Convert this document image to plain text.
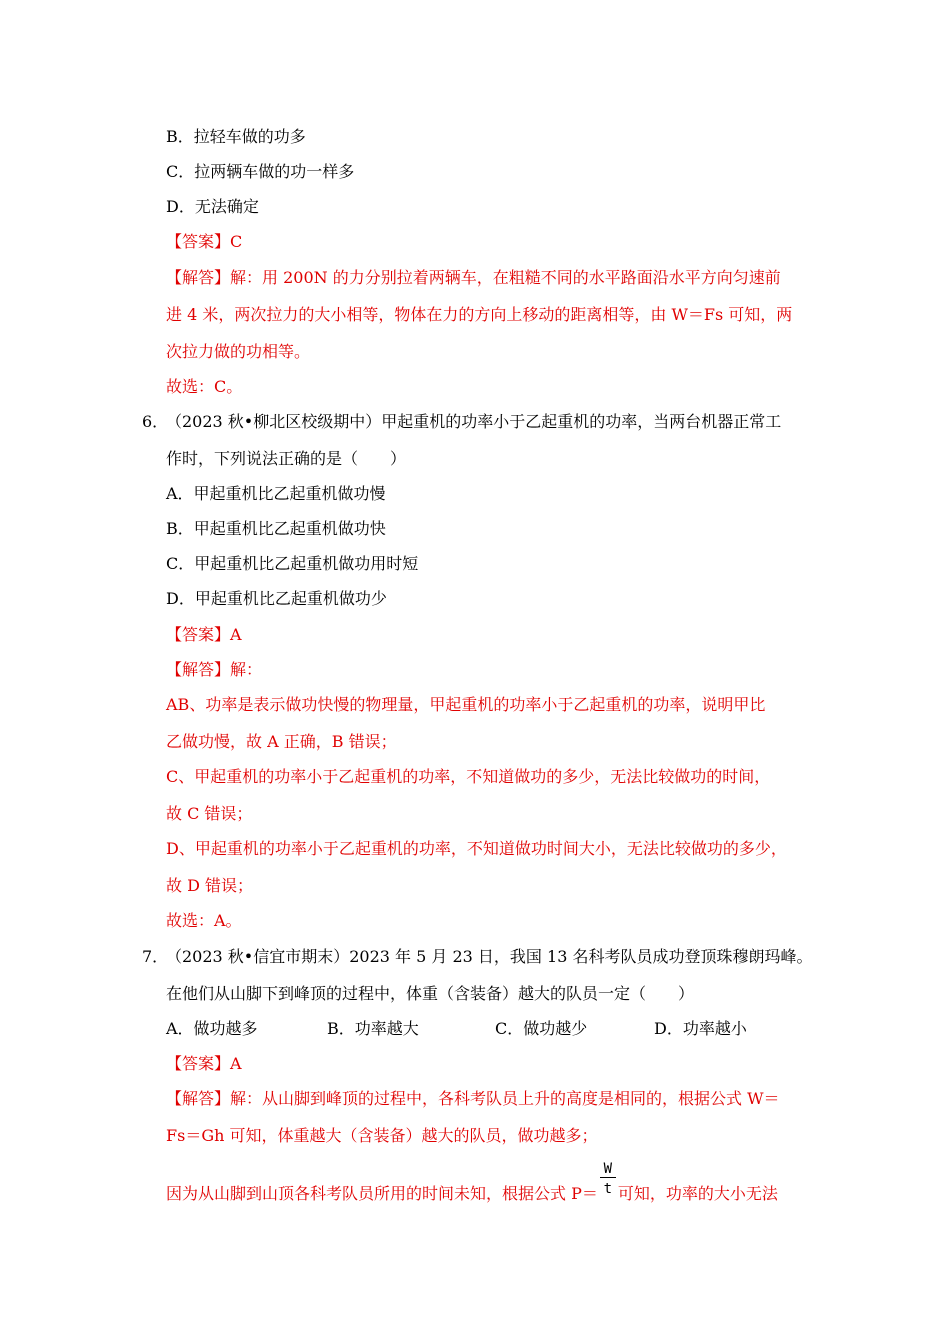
B．拉轻车做的功多
C．拉两辆车做的功一样多
D．无法确定
【答案】C
【解答】解：用 200N 的力分别拉着两辆车，在粗糙不同的水平路面沿水平方向匀速前
进 4 米，两次拉力的大小相等，物体在力的方向上移动的距离相等，由 W＝Fs 可知，两
次拉力做的功相等。
故选：C。
6．
（2023 秋•柳北区校级期中）甲起重机的功率小于乙起重机的功率，当两台机器正常工
作时，下列说法正确的是（　　）
A．甲起重机比乙起重机做功慢
B．甲起重机比乙起重机做功快
C．甲起重机比乙起重机做功用时短
D．甲起重机比乙起重机做功少
【答案】A
【解答】解：
AB、功率是表示做功快慢的物理量，甲起重机的功率小于乙起重机的功率，说明甲比
乙做功慢，故 A 正确，B 错误；
C、甲起重机的功率小于乙起重机的功率，不知道做功的多少，无法比较做功的时间，
故 C 错误；
D、甲起重机的功率小于乙起重机的功率，不知道做功时间大小，无法比较做功的多少，
故 D 错误；
故选：A。
7．
（2023 秋•信宜市期末）2023 年 5 月 23 日，我国 13 名科考队员成功登顶珠穆朗玛峰。
在他们从山脚下到峰顶的过程中，体重（含装备）越大的队员一定（　　）
A．做功越多	B．功率越大	C．做功越少	D．功率越小
【答案】A
【解答】解：从山脚到峰顶的过程中，各科考队员上升的高度是相同的，根据公式 W＝
Fs＝Gh 可知，体重越大（含装备）越大的队员，做功越多；
因为从山脚到山顶各科考队员所用的时间未知，根据公式 $P= \frac{W}{t}$ 可知，功率的大小无法
